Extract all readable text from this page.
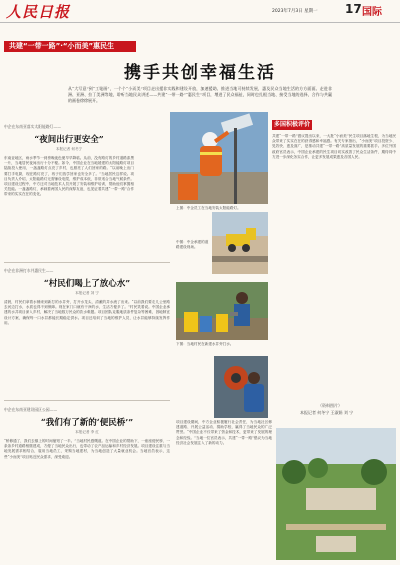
人民日报	2023年7月3日 星期一 17 国际
共建“一带一路”·“小而美”惠民生
携手共创幸福生活
从“大写意”到“工笔画”，一个个“小而美”项目走出援非实践和建设开放，加速援助、推进当地可持续发展，惠及民众当地生活的方方面面。走进非洲、亚洲、拉丁美洲等地，聆听当地民众讲述——共建“一带一路”“惠民生”项目，增进了民众福祉，同时也扎根当地、接受当地的选择，合作与共赢的画卷徐徐展开。

中企在东南亚落实太阳能路灯——

“夜间出行更安全”

本报记者 何冬宁

东南亚地区，雨水季节一到傍晚夜色便早早降临。从前，没有路灯的乡村道路漆黑一片，当地居民夜间出行十分不便。如今，中国企业在当地援建的太阳能路灯项目陆续投入使用，一盏盏路灯点亮了乡村，也照亮了人们回家的路。“以前晚上出门要打手电筒，现在路灯亮了，孩子们放学回家也安全多了。”当地居民这样说。项目负责人介绍，太阳能路灯无需铺设电缆，维护成本低，非常适合当地气候条件。项目建设过程中，中方还对当地技术人员开展了安装和维护培训，帮助他们掌握相关技能。一盏盏路灯，承载着两国人民的深厚友谊，也见证着共建“一带一路”合作带来的实实在在的变化。

中企在非洲打水井惠民生——

“村民们喝上了放心水”

本报记者 刘 宁

清晨，村民们拿着水桶来到新打的水井旁，打开水龙头，清澈的井水流了出来。“以前我们要走几公里路去河边打水，水质也得不到保障。现在家门口就有干净的水，生活方便多了。”村民笑着说。中国企业承建的水井项目深入乡村，解决了当地数万民众的饮水难题。项目团队克服地质条件复杂等困难，因地制宜设计方案，确保每一口水井都能长期稳定供水。项目还培训了当地的维护人员，让水井能够持续发挥作用。

中企在东南亚建设园区公园——

“我们有了新的‘便民桥’”

本报记者 李 红

“桥修通了，我们去镇上的时间缩短了一半。”当地村民感慨道。在中国企业的帮助下，一座座便民桥、一条条乡村道路相继建成，方便了当地民众出行，也带动了农产品运输和乡村经济发展。项目建设注重与当地发展需求相结合，雇用当地员工，采购当地建材，为当地创造了大量就业机会。当地官员表示，这些“小而美”项目贴近民众需求，深受欢迎。

项目建设期间，中方企业积极履行社会责任，为当地社区修建道路、开展公益活动、捐助学校，赢得了当地民众的广泛赞誉。“中国企业不仅带来了资金和技术，更带来了发展的理念和经验。”当地一位官员表示，共建“一带一路”倡议为当地经济社会发展注入了新的动力。

上图：中企员工在当地安装太阳能路灯。
中图：中企承建的道路建设现场。
下图：当地村民在新建水井旁打水。
多国积极评价

共建“一带一路”倡议提出以来，一大批“小而美”民生项目落地生根，为当地民众带来了实实在在的获得感和幸福感。有关专家指出，“小而美”项目投资少、见效快、惠及面广，是推动共建“一带一路”高质量发展的重要抓手。多位外国政府官员表示，中国企业承建的民生项目切实改善了民众生活条件，期待同中方进一步深化务实合作，让更多发展成果惠及各国人民。

（资料图片）
本报记者 何冬宁 王淑娟 刘 宁
